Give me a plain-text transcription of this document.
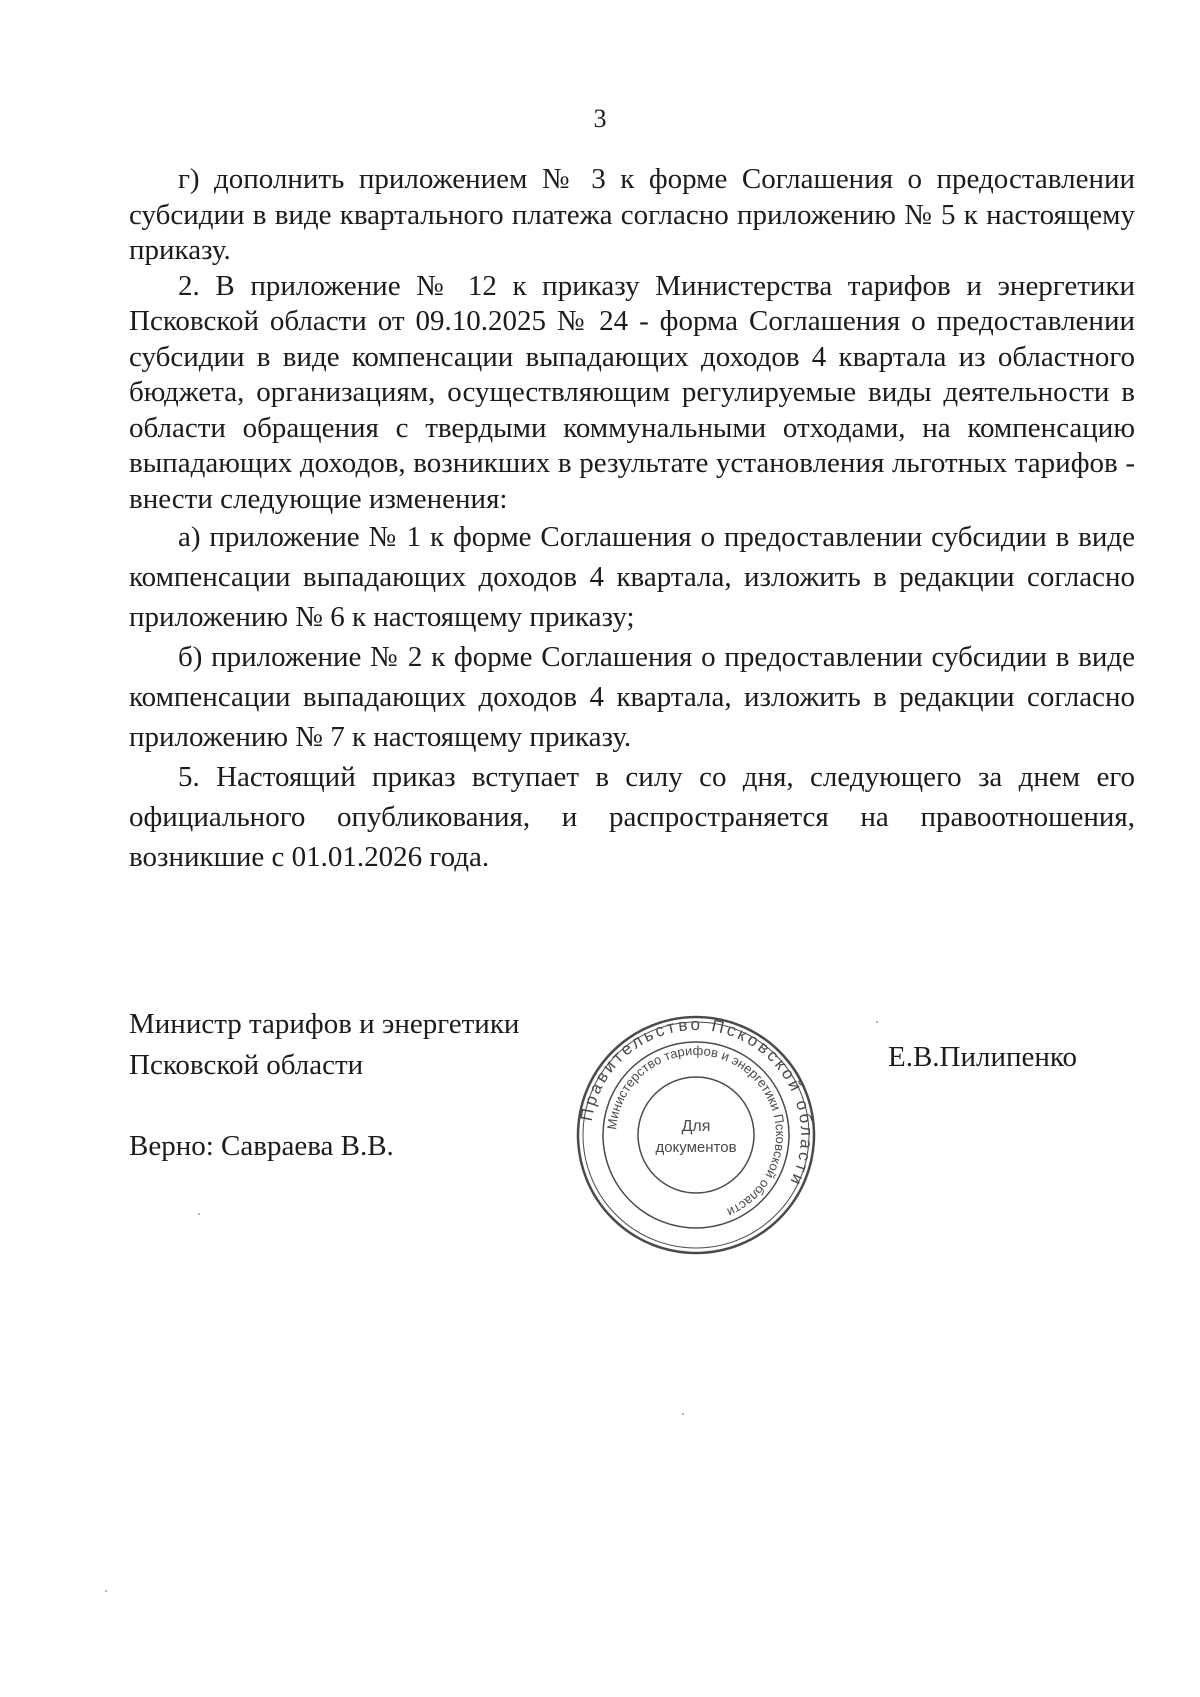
3

г) дополнить приложением № 3 к форме Соглашения о предоставлении субсидии в виде квартального платежа согласно приложению № 5 к настоящему приказу.

2. В приложение № 12 к приказу Министерства тарифов и энергетики Псковской области от 09.10.2025 № 24 - форма Соглашения о предоставлении субсидии в виде компенсации выпадающих доходов 4 квартала из областного бюджета, организациям, осуществляющим регулируемые виды деятельности в области обращения с твердыми коммунальными отходами, на компенсацию выпадающих доходов, возникших в результате установления льготных тарифов - внести следующие изменения:

а) приложение № 1 к форме Соглашения о предоставлении субсидии в виде компенсации выпадающих доходов 4 квартала, изложить в редакции согласно приложению № 6 к настоящему приказу;

б) приложение № 2 к форме Соглашения о предоставлении субсидии в виде компенсации выпадающих доходов 4 квартала, изложить в редакции согласно приложению № 7 к настоящему приказу.

5. Настоящий приказ вступает в силу со дня, следующего за днем его официального опубликования, и распространяется на правоотношения, возникшие с 01.01.2026 года.

Министр тарифов и энергетики
Псковской области
Верно: Савраева В.В.
Е.В.Пилипенко
Правительство Псковской области
Министерство тарифов и энергетики Псковской области
Для
документов
